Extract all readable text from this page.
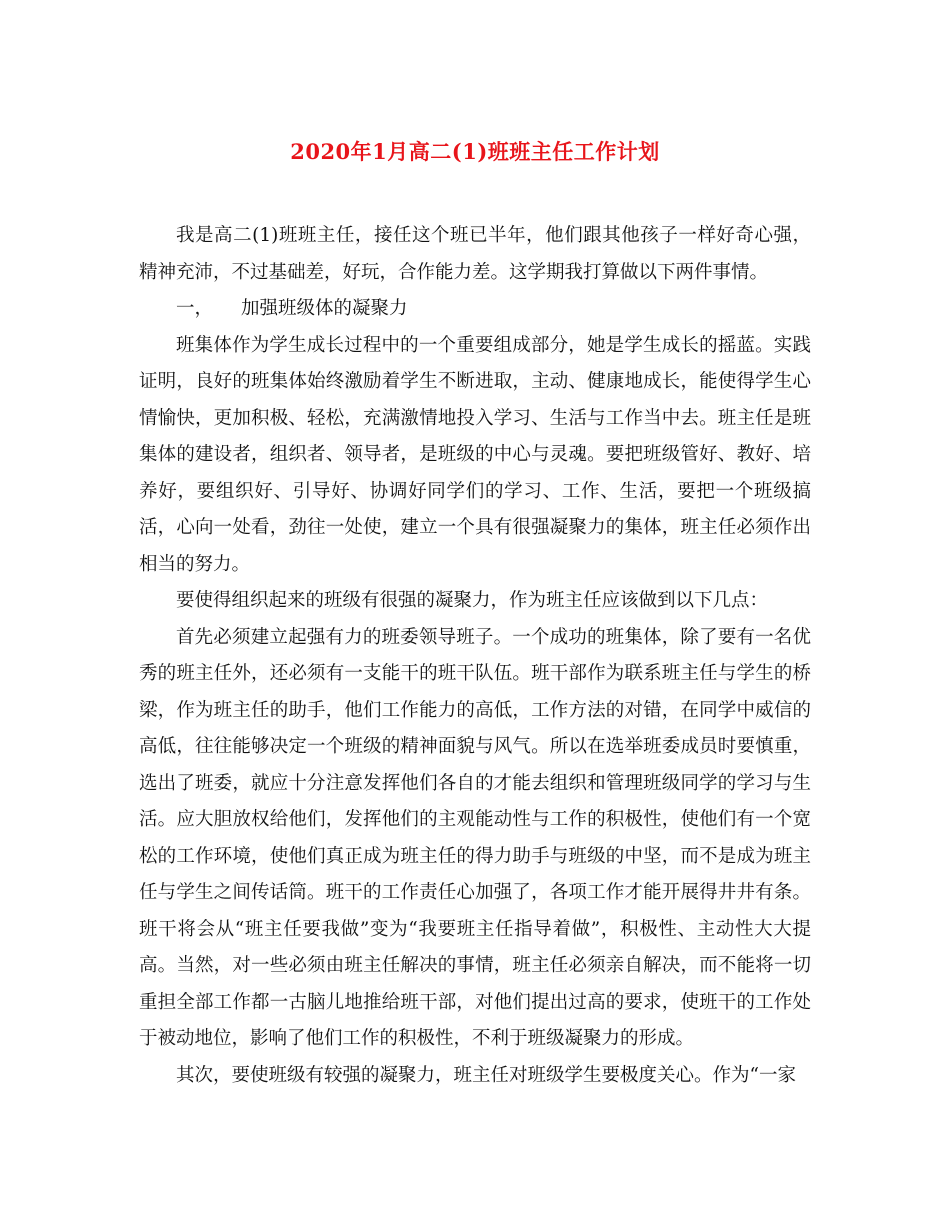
2020年1月高二(1)班班主任工作计划

我是高二(1)班班主任，接任这个班已半年，他们跟其他孩子一样好奇心强，精神充沛，不过基础差，好玩，合作能力差。这学期我打算做以下两件事情。

一， 加强班级体的凝聚力

班集体作为学生成长过程中的一个重要组成部分，她是学生成长的摇蓝。实践证明，良好的班集体始终激励着学生不断进取，主动、健康地成长，能使得学生心情愉快，更加积极、轻松，充满激情地投入学习、生活与工作当中去。班主任是班集体的建设者，组织者、领导者，是班级的中心与灵魂。要把班级管好、教好、培养好，要组织好、引导好、协调好同学们的学习、工作、生活，要把一个班级搞活，心向一处看，劲往一处使，建立一个具有很强凝聚力的集体，班主任必须作出相当的努力。

要使得组织起来的班级有很强的凝聚力，作为班主任应该做到以下几点：

首先必须建立起强有力的班委领导班子。一个成功的班集体，除了要有一名优秀的班主任外，还必须有一支能干的班干队伍。班干部作为联系班主任与学生的桥梁，作为班主任的助手，他们工作能力的高低，工作方法的对错，在同学中威信的高低，往往能够决定一个班级的精神面貌与风气。所以在选举班委成员时要慎重，选出了班委，就应十分注意发挥他们各自的才能去组织和管理班级同学的学习与生活。应大胆放权给他们，发挥他们的主观能动性与工作的积极性，使他们有一个宽松的工作环境，使他们真正成为班主任的得力助手与班级的中坚，而不是成为班主任与学生之间传话筒。班干的工作责任心加强了，各项工作才能开展得井井有条。班干将会从“班主任要我做”变为“我要班主任指导着做”，积极性、主动性大大提高。当然，对一些必须由班主任解决的事情，班主任必须亲自解决，而不能将一切重担全部工作都一古脑儿地推给班干部，对他们提出过高的要求，使班干的工作处于被动地位，影响了他们工作的积极性，不利于班级凝聚力的形成。

其次，要使班级有较强的凝聚力，班主任对班级学生要极度关心。作为“一家
